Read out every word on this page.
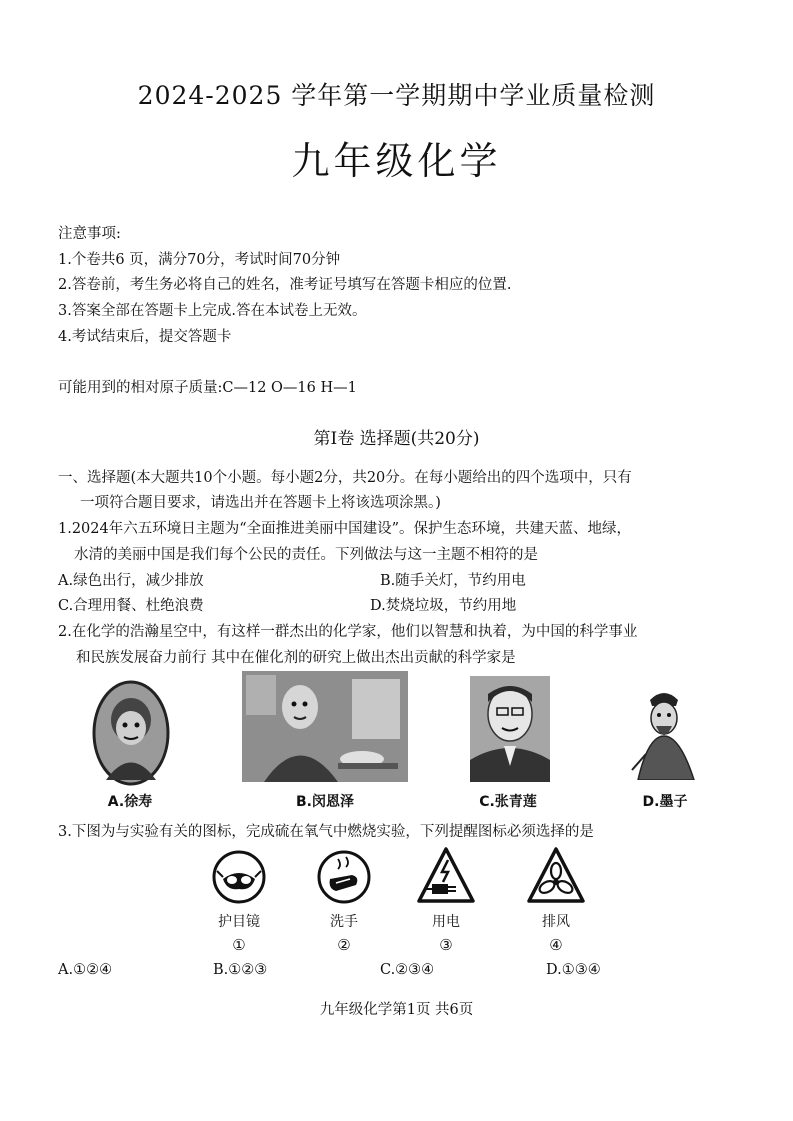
2024-2025 学年第一学期期中学业质量检测
九年级化学
注意事项:
1.个卷共6 页，满分70分，考试时间70分钟
2.答卷前，考生务必将自己的姓名，准考证号填写在答题卡相应的位置.
3.答案全部在答题卡上完成.答在本试卷上无效。
4.考试结束后，提交答题卡
可能用到的相对原子质量:C—12 O—16 H—1
第Ⅰ卷 选择题(共20分)
一、选择题(本大题共10个小题。每小题2分，共20分。在每小题给出的四个选项中，只有
一项符合题目要求，请选出并在答题卡上将该选项涂黑。)
1.2024年六五环境日主题为“全面推进美丽中国建设”。保护生态环境，共建天蓝、地绿，
水清的美丽中国是我们每个公民的责任。下列做法与这一主题不相符的是
A.绿色出行，减少排放	B.随手关灯，节约用电
C.合理用餐、杜绝浪费	D.焚烧垃圾，节约用地
2.在化学的浩瀚星空中，有这样一群杰出的化学家，他们以智慧和执着，为中国的科学事业
和民族发展奋力前行 其中在催化剂的研究上做出杰出贡献的科学家是
A.徐寿	B.闵恩泽	C.张青莲	D.墨子
3.下图为与实验有关的图标，完成硫在氧气中燃烧实验，下列提醒图标必须选择的是
护目镜	洗手	用电	排风
①	②	③	④
A.①②④	B.①②③	C.②③④	D.①③④
九年级化学第1页 共6页
